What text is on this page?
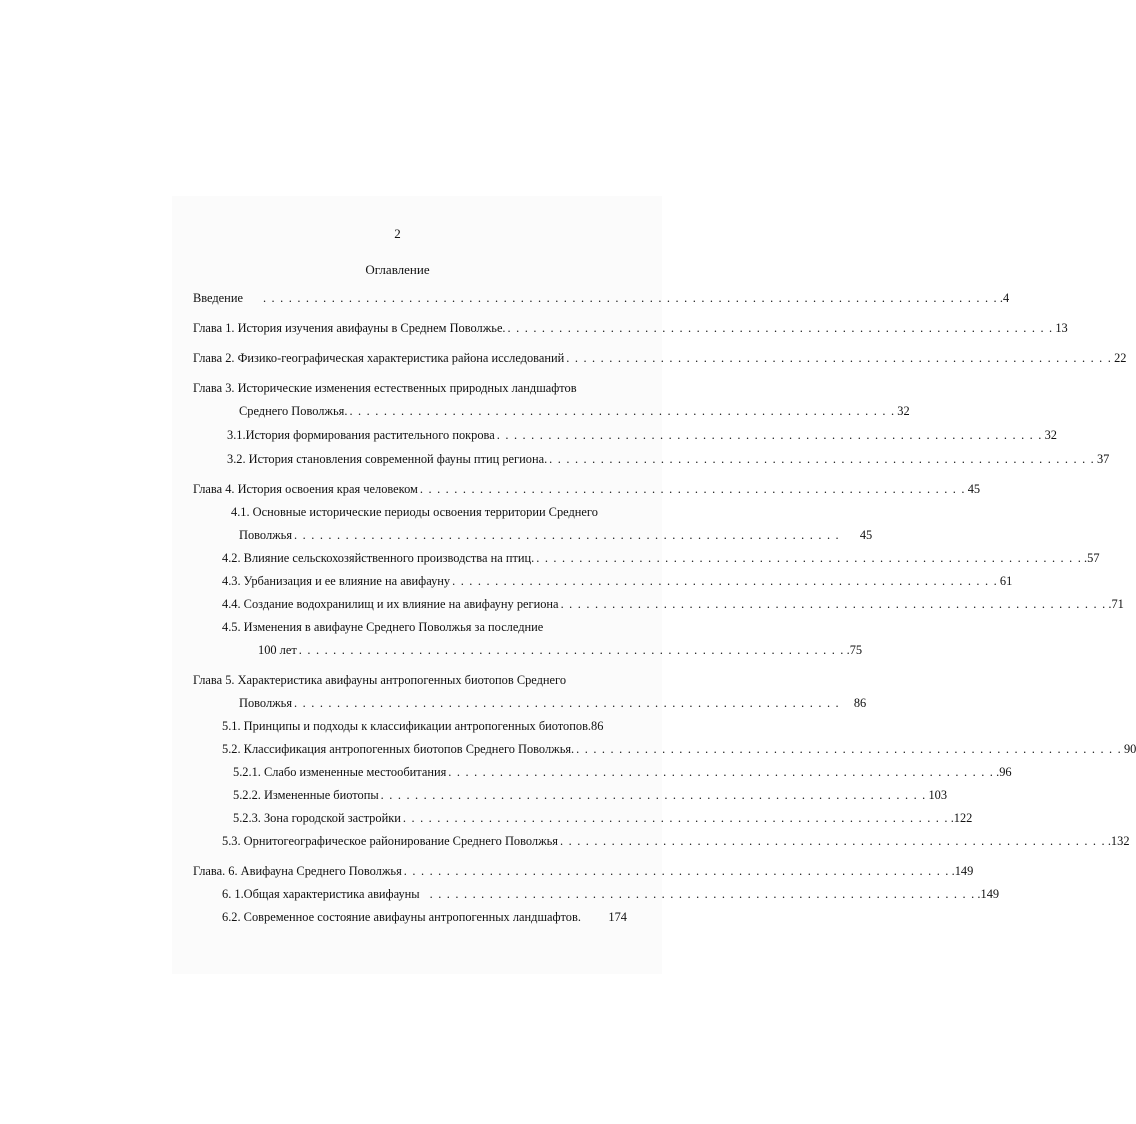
2
Оглавление
Введение . . . . . . . . . . . . . . . . . . . . . . . . . . . . . . . . . . . . . . . . . . . . . . . . . . . . . . . . . . . . . . . . . . . . . . . . . . . . . . . . . . . . . . .4
Глава 1. История изучения авифауны в Среднем Поволжье. . . . . . . . . . . . . . . . . . . . . . . . . . . . . . . . . . . . . . . . . . . . . . . . . . . . . . . . . . . . . . . . . 13
Глава 2. Физико-географическая характеристика района исследований . . . . . . . . . . . . . . . . . . . . . . . . . . . . . . . . . . . . . . . . . . . . . . . . . . . . . . . . . . . . . . . . 22
Глава 3. Исторические изменения естественных природных ландшафтов
Среднего Поволжья. . . . . . . . . . . . . . . . . . . . . . . . . . . . . . . . . . . . . . . . . . . . . . . . . . . . . . . . . . . . . . . . . 32
3.1.История формирования растительного покрова . . . . . . . . . . . . . . . . . . . . . . . . . . . . . . . . . . . . . . . . . . . . . . . . . . . . . . . . . . . . . . . . 32
3.2. История становления современной фауны птиц региона. . . . . . . . . . . . . . . . . . . . . . . . . . . . . . . . . . . . . . . . . . . . . . . . . . . . . . . . . . . . . . . . . 37
Глава 4. История освоения края человеком . . . . . . . . . . . . . . . . . . . . . . . . . . . . . . . . . . . . . . . . . . . . . . . . . . . . . . . . . . . . . . . . 45
4.1. Основные исторические периоды освоения территории Среднего
Поволжья . . . . . . . . . . . . . . . . . . . . . . . . . . . . . . . . . . . . . . . . . . . . . . . . . . . . . . . . . . . . . . . . 45
4.2. Влияние сельскохозяйственного производства на птиц. . . . . . . . . . . . . . . . . . . . . . . . . . . . . . . . . . . . . . . . . . . . . . . . . . . . . . . . . . . . . . . . . .57
4.3. Урбанизация и ее влияние на авифауну . . . . . . . . . . . . . . . . . . . . . . . . . . . . . . . . . . . . . . . . . . . . . . . . . . . . . . . . . . . . . . . . 61
4.4. Создание водохранилищ и их влияние на авифауну региона . . . . . . . . . . . . . . . . . . . . . . . . . . . . . . . . . . . . . . . . . . . . . . . . . . . . . . . . . . . . . . . . .71
4.5. Изменения в авифауне Среднего Поволжья за последние
100 лет . . . . . . . . . . . . . . . . . . . . . . . . . . . . . . . . . . . . . . . . . . . . . . . . . . . . . . . . . . . . . . . . .75
Глава 5. Характеристика авифауны антропогенных биотопов Среднего
Поволжья . . . . . . . . . . . . . . . . . . . . . . . . . . . . . . . . . . . . . . . . . . . . . . . . . . . . . . . . . . . . . . . . 86
5.1. Принципы и подходы к классификации антропогенных биотопов.86
5.2. Классификация антропогенных биотопов Среднего Поволжья. . . . . . . . . . . . . . . . . . . . . . . . . . . . . . . . . . . . . . . . . . . . . . . . . . . . . . . . . . . . . . . . . 90
5.2.1. Слабо измененные местообитания . . . . . . . . . . . . . . . . . . . . . . . . . . . . . . . . . . . . . . . . . . . . . . . . . . . . . . . . . . . . . . . . .96
5.2.2. Измененные биотопы . . . . . . . . . . . . . . . . . . . . . . . . . . . . . . . . . . . . . . . . . . . . . . . . . . . . . . . . . . . . . . . . 103
5.2.3. Зона городской застройки . . . . . . . . . . . . . . . . . . . . . . . . . . . . . . . . . . . . . . . . . . . . . . . . . . . . . . . . . . . . . . . . .122
5.3. Орнитогеографическое районирование Среднего Поволжья . . . . . . . . . . . . . . . . . . . . . . . . . . . . . . . . . . . . . . . . . . . . . . . . . . . . . . . . . . . . . . . . .132
Глава. 6. Авифауна Среднего Поволжья . . . . . . . . . . . . . . . . . . . . . . . . . . . . . . . . . . . . . . . . . . . . . . . . . . . . . . . . . . . . . . . . .149
6. 1.Общая характеристика авифауны . . . . . . . . . . . . . . . . . . . . . . . . . . . . . . . . . . . . . . . . . . . . . . . . . . . . . . . . . . . . . . . . .149
6.2. Современное состояние авифауны антропогенных ландшафтов. 174
